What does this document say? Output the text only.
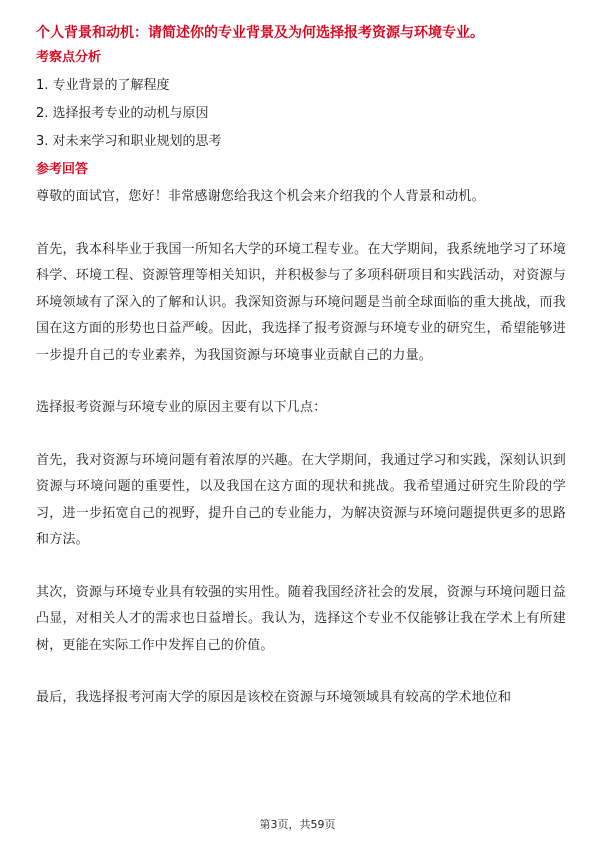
个人背景和动机：请简述你的专业背景及为何选择报考资源与环境专业。
考察点分析
1. 专业背景的了解程度
2. 选择报考专业的动机与原因
3. 对未来学习和职业规划的思考
参考回答

尊敬的面试官，您好！非常感谢您给我这个机会来介绍我的个人背景和动机。

首先，我本科毕业于我国一所知名大学的环境工程专业。在大学期间，我系统地学习了环境科学、环境工程、资源管理等相关知识，并积极参与了多项科研项目和实践活动，对资源与环境领域有了深入的了解和认识。我深知资源与环境问题是当前全球面临的重大挑战，而我国在这方面的形势也日益严峻。因此，我选择了报考资源与环境专业的研究生，希望能够进一步提升自己的专业素养，为我国资源与环境事业贡献自己的力量。

选择报考资源与环境专业的原因主要有以下几点：

首先，我对资源与环境问题有着浓厚的兴趣。在大学期间，我通过学习和实践，深刻认识到资源与环境问题的重要性，以及我国在这方面的现状和挑战。我希望通过研究生阶段的学习，进一步拓宽自己的视野，提升自己的专业能力，为解决资源与环境问题提供更多的思路和方法。

其次，资源与环境专业具有较强的实用性。随着我国经济社会的发展，资源与环境问题日益凸显，对相关人才的需求也日益增长。我认为，选择这个专业不仅能够让我在学术上有所建树，更能在实际工作中发挥自己的价值。

最后，我选择报考河南大学的原因是该校在资源与环境领域具有较高的学术地位和

第3页，共59页
